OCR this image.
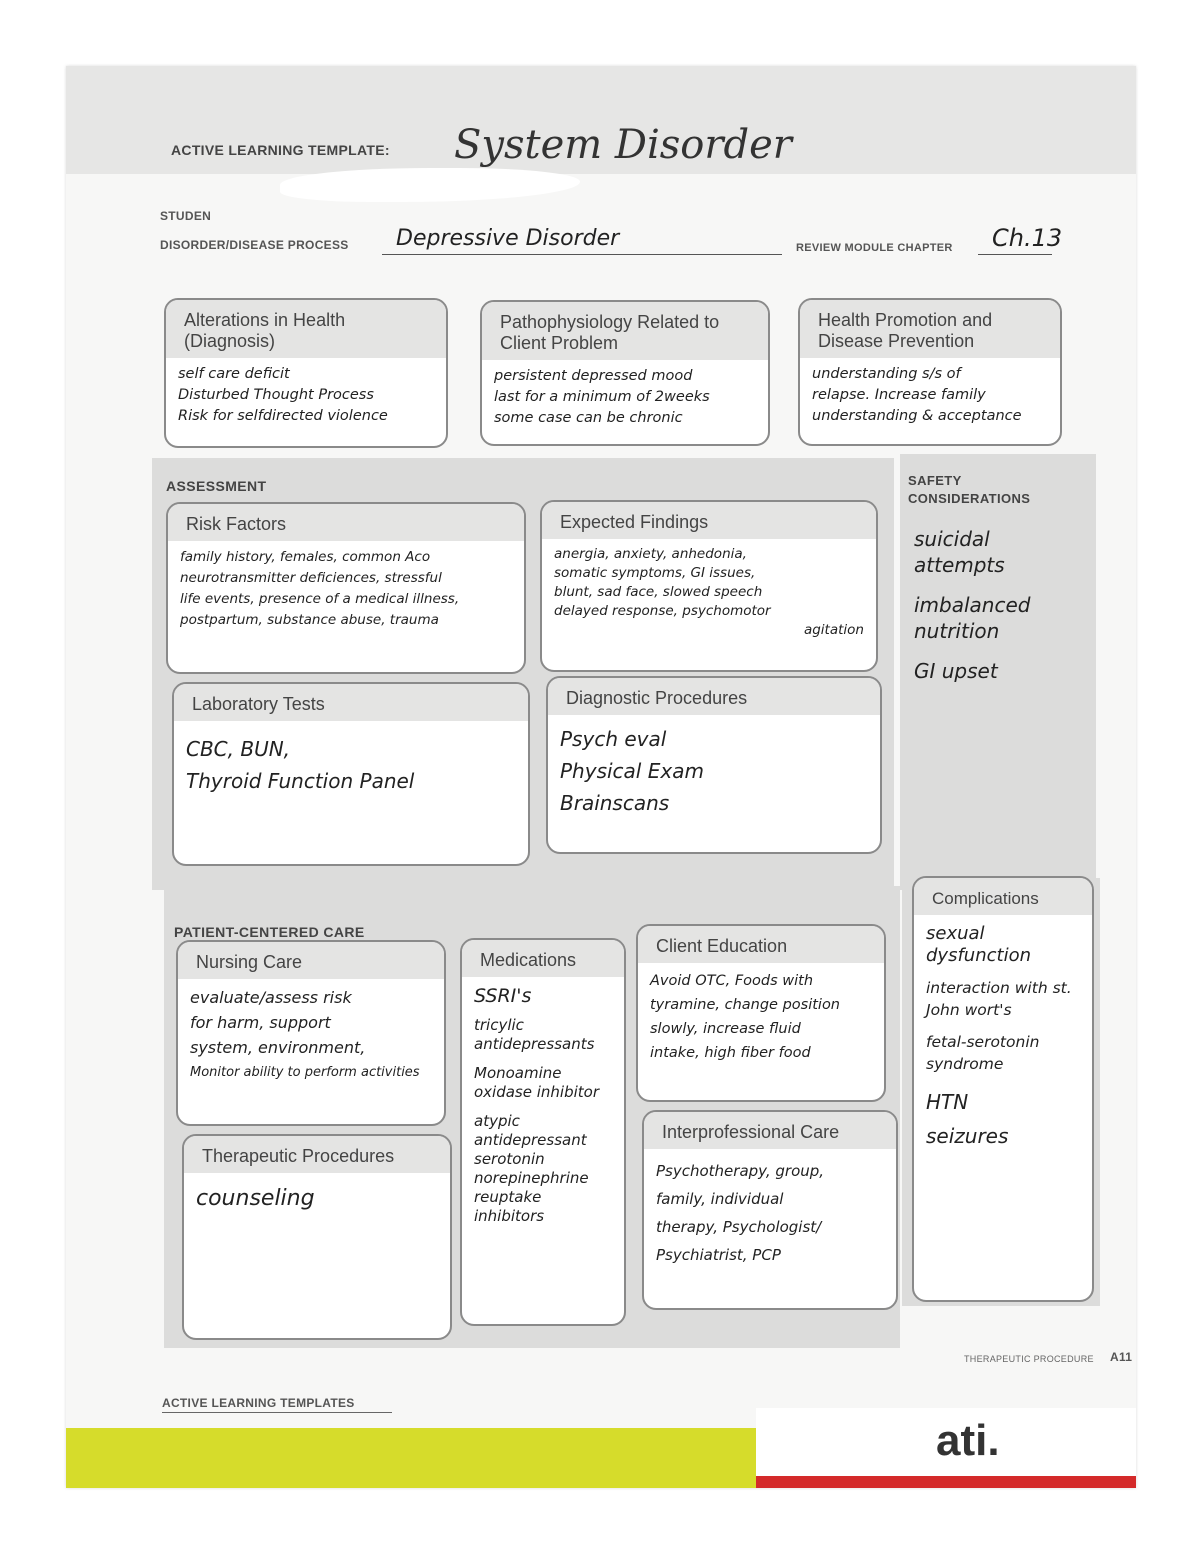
ACTIVE LEARNING TEMPLATE: System Disorder
STUDEN
DISORDER/DISEASE PROCESS Depressive Disorder	REVIEW MODULE CHAPTER Ch.13
Alterations in Health (Diagnosis)
self care deficit
Disturbed Thought Process
Risk for selfdirected violence
Pathophysiology Related to Client Problem
persistent depressed mood
last for a minimum of 2weeks
some case can be chronic
Health Promotion and Disease Prevention
understanding s/s of
relapse. Increase family
understanding & acceptance
ASSESSMENT
Risk Factors
family history, females, common Aco
neurotransmitter deficiences, stressful
life events, presence of a medical illness,
postpartum, substance abuse, trauma
Expected Findings
anergia, anxiety, anhedonia,
somatic symptoms, GI issues,
blunt, sad face, slowed speech
delayed response, psychomotor
agitation
Laboratory Tests
CBC, BUN,
Thyroid Function Panel
Diagnostic Procedures
Psych eval
Physical Exam
Brainscans
SAFETY CONSIDERATIONS
suicidal attempts
imbalanced nutrition
GI upset
PATIENT-CENTERED CARE
Nursing Care
evaluate/assess risk
for harm, support
system, environment,
Monitor ability to perform activities
Medications
SSRI's
tricylic antidepressants
Monoamine oxidase inhibitor
atypic antidepressant serotonin norepinephrine reuptake inhibitors
Client Education
Avoid OTC, Foods with
tyramine, change position
slowly, increase fluid
intake, high fiber food
Therapeutic Procedures
counseling
Interprofessional Care
Psychotherapy, group,
family, individual
therapy, Psychologist/
Psychiatrist, PCP
Complications
sexual dysfunction
interaction with st. John wort's
fetal-serotonin syndrome
HTN
seizures
THERAPEUTIC PROCEDURE A11
ACTIVE LEARNING TEMPLATES
ati.
